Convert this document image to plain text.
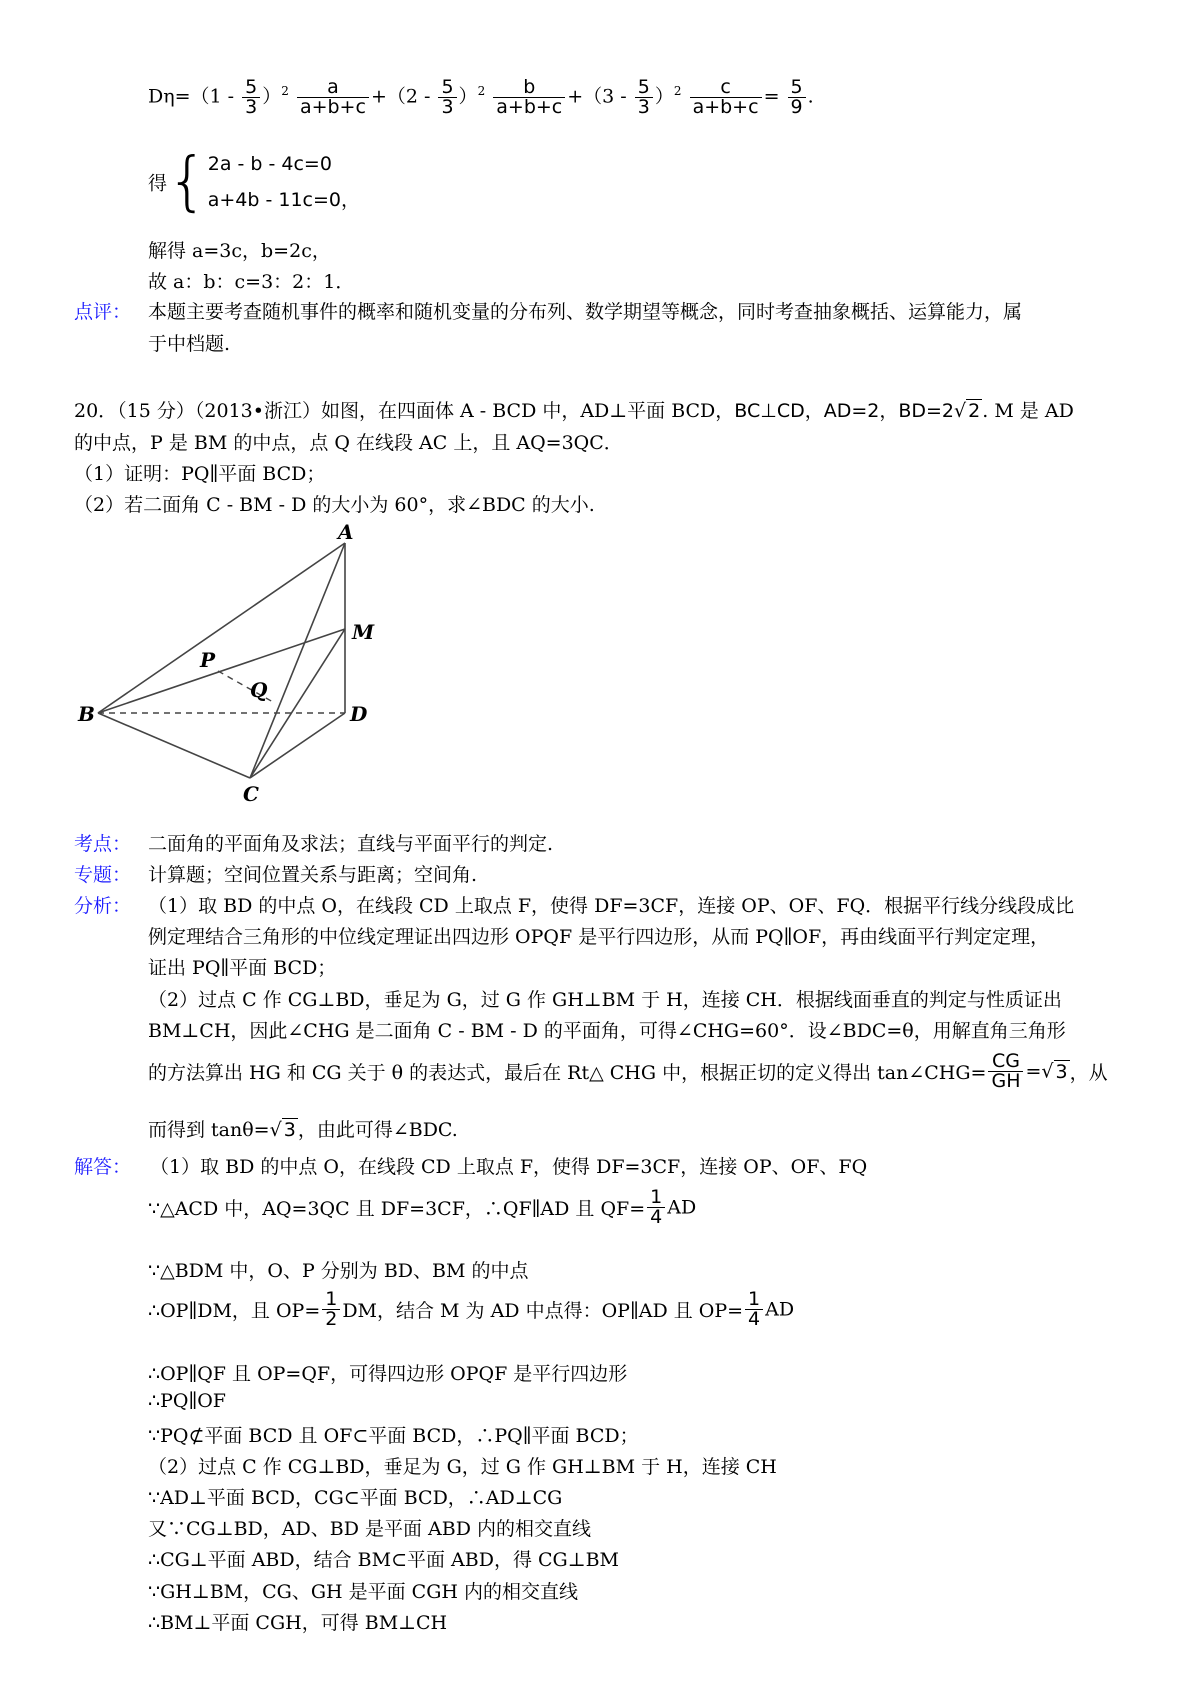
$D\eta=(1 - \frac{5}{3} )^2 \frac{a}{a+b+c} +(2 - \frac{5}{3} )^2 \frac{b}{a+b+c} +(3 - \frac{5}{3} )^2 \frac{c}{a+b+c} = \frac{5}{9}$ .
得{ 2a - b - 4c=0
a+4b - 11c=0，
解得 a=3c，b=2c，
故 a：b：c=3：2：1．
点评： 本题主要考查随机事件的概率和随机变量的分布列、数学期望等概念，同时考查抽象概括、运算能力，属
于中档题.
20．（15 分）（2013•浙江）如图，在四面体 A - BCD 中，AD⊥平面 BCD，BC⊥CD，AD=2，BD=2√ 2 . M 是 AD
的中点，P 是 BM 的中点，点 Q 在线段 AC 上，且 AQ=3QC．
（1）证明：PQ∥平面 BCD；
（2）若二面角 C - BM - D 的大小为 60°，求∠BDC 的大小.
A
M
P
Q
B	D
C
考点： 二面角的平面角及求法；直线与平面平行的判定.
专题： 计算题；空间位置关系与距离；空间角.
分析： （1）取 BD 的中点 O，在线段 CD 上取点 F，使得 DF=3CF，连接 OP、OF、FQ．根据平行线分线段成比
例定理结合三角形的中位线定理证出四边形 OPQF 是平行四边形，从而 PQ∥OF，再由线面平行判定定理，
证出 PQ∥平面 BCD；
（2）过点 C 作 CG⊥BD，垂足为 G，过 G 作 GH⊥BM 于 H，连接 CH．根据线面垂直的判定与性质证出
BM⊥CH，因此∠CHG 是二面角 C - BM - D 的平面角，可得∠CHG=60°．设∠BDC=θ，用解直角三角形
的方法算出 HG 和 CG 关于 θ 的表达式，最后在 Rt△ CHG 中，根据正切的定义得出 tan∠CHG= $\frac{CG}{GH}$ =√ 3 ，从
而得到 tanθ=√ 3 ，由此可得∠BDC.
解答： （1）取 BD 的中点 O，在线段 CD 上取点 F，使得 DF=3CF，连接 OP、OF、FQ
∵△ACD 中，AQ=3QC 且 DF=3CF，∴QF∥AD 且 $QF= \frac{1}{4}$ AD
∵△BDM 中，O、P 分别为 BD、BM 的中点
∴OP∥DM，且 $OP= \frac{1}{2}$ DM，结合 M 为 AD 中点得：OP∥AD 且 $OP= \frac{1}{4}$ AD
∴OP∥QF 且 OP=QF，可得四边形 OPQF 是平行四边形
∴PQ∥OF
∵PQ⊄平面 BCD 且 OF⊂平面 BCD，∴PQ∥平面 BCD；
（2）过点 C 作 CG⊥BD，垂足为 G，过 G 作 GH⊥BM 于 H，连接 CH
∵AD⊥平面 BCD，CG⊂平面 BCD，∴AD⊥CG
又∵CG⊥BD，AD、BD 是平面 ABD 内的相交直线
∴CG⊥平面 ABD，结合 BM⊂平面 ABD，得 CG⊥BM
∵GH⊥BM，CG、GH 是平面 CGH 内的相交直线
∴BM⊥平面 CGH，可得 BM⊥CH
